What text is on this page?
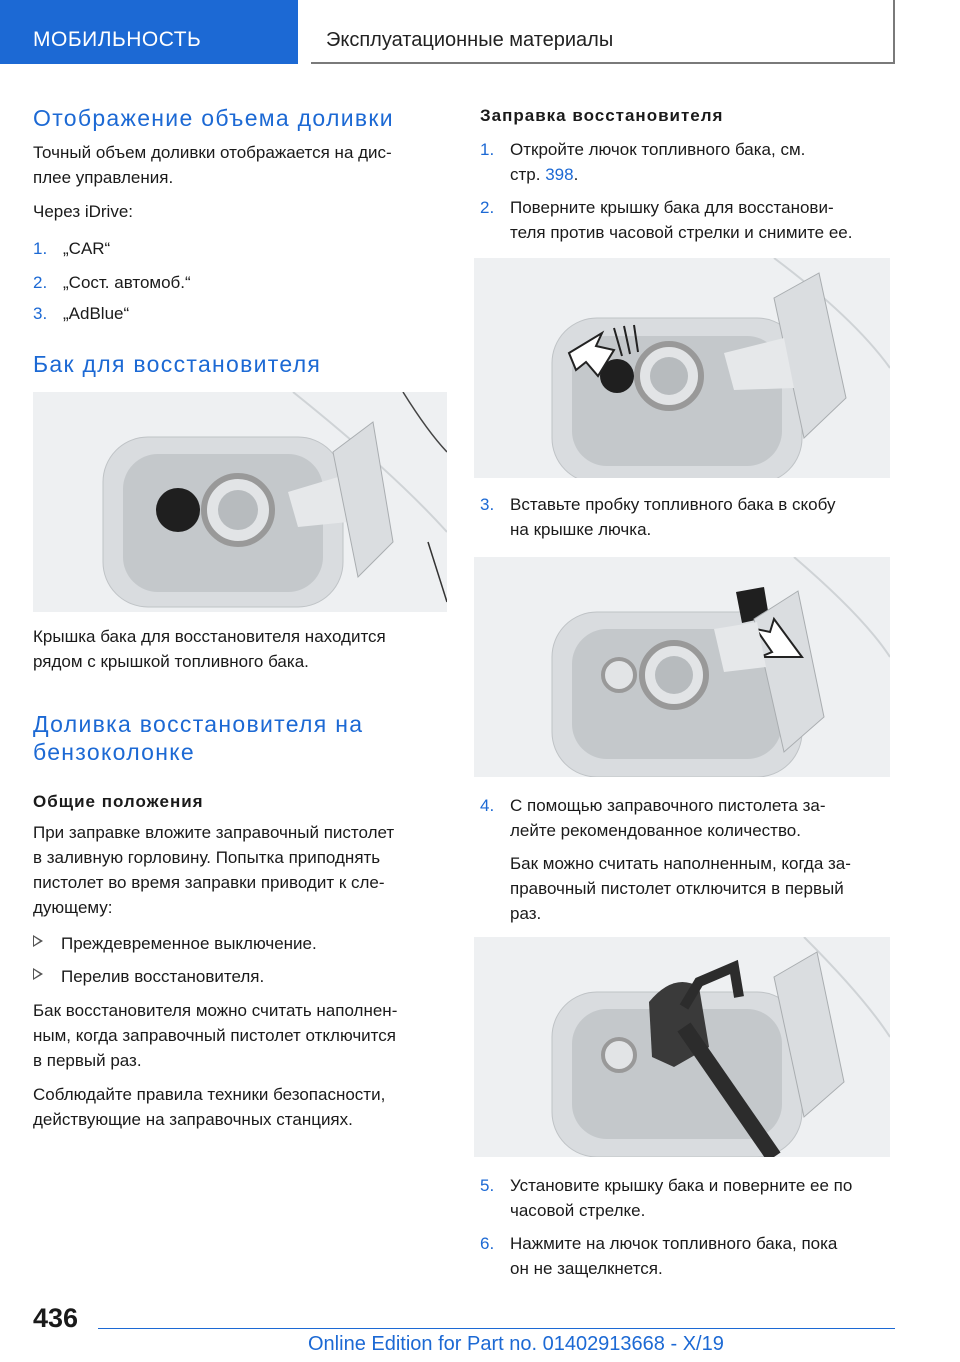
МОБИЛЬНОСТЬ	Эксплуатационные материалы
Отображение объема доливки

Точный объем доливки отображается на дис-

плее управления.

Через iDrive:

1. „CAR“
2. „Сост. автомоб.“
3. „AdBlue“
Бак для восстановителя

Крышка бака для восстановителя находится

рядом с крышкой топливного бака.

Доливка восстановителя на
бензоколонке
Общие положения

При заправке вложите заправочный пистолет

в заливную горловину. Попытка приподнять

пистолет во время заправки приводит к сле-

дующему:

Преждевременное выключение.
Перелив восстановителя.

Бак восстановителя можно считать наполнен-

ным, когда заправочный пистолет отключится

в первый раз.

Соблюдайте правила техники безопасности,

действующие на заправочных станциях.

Заправка восстановителя
1. Откройте лючок топливного бака, см.
стр. 398.
2. Поверните крышку бака для восстанови-
теля против часовой стрелки и снимите ее.
3. Вставьте пробку топливного бака в скобу
на крышке лючка.
4. С помощью заправочного пистолета за-
лейте рекомендованное количество.
Бак можно считать наполненным, когда за-
правочный пистолет отключится в первый
раз.
5. Установите крышку бака и поверните ее по
часовой стрелке.
6. Нажмите на лючок топливного бака, пока
он не защелкнется.
436
Online Edition for Part no. 01402913668 - X/19
